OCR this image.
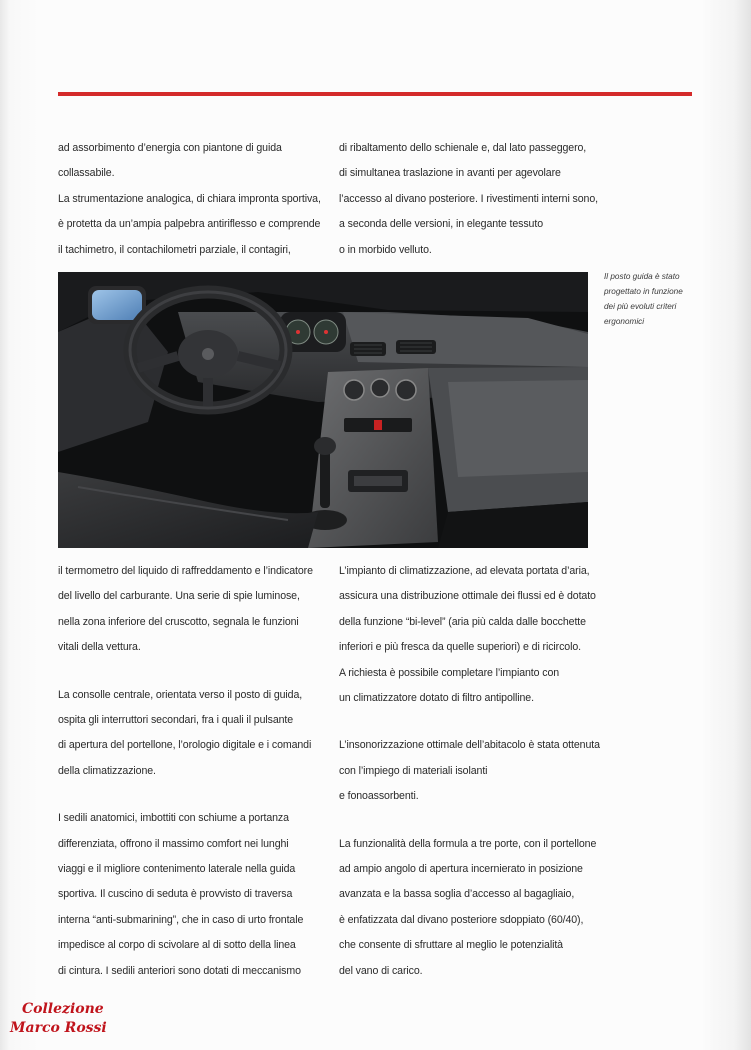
ad assorbimento d’energia con piantone di guida

collassabile.

La strumentazione analogica, di chiara impronta sportiva,

è protetta da un’ampia palpebra antiriflesso e comprende

il tachimetro, il contachilometri parziale, il contagiri,

di ribaltamento dello schienale e, dal lato passeggero,

di simultanea traslazione in avanti per agevolare

l’accesso al divano posteriore. I rivestimenti interni sono,

a seconda delle versioni, in elegante tessuto

o in morbido velluto.

Il posto guida è stato
progettato in funzione
dei più evoluti criteri
ergonomici

il termometro del liquido di raffreddamento e l’indicatore

del livello del carburante. Una serie di spie luminose,

nella zona inferiore del cruscotto, segnala le funzioni

vitali della vettura.

La consolle centrale, orientata verso il posto di guida,

ospita gli interruttori secondari, fra i quali il pulsante

di apertura del portellone, l’orologio digitale e i comandi

della climatizzazione.

I sedili anatomici, imbottiti con schiume a portanza

differenziata, offrono il massimo comfort nei lunghi

viaggi e il migliore contenimento laterale nella guida

sportiva. Il cuscino di seduta è provvisto di traversa

interna “anti-submarining”, che in caso di urto frontale

impedisce al corpo di scivolare al di sotto della linea

di cintura. I sedili anteriori sono dotati di meccanismo

L’impianto di climatizzazione, ad elevata portata d’aria,

assicura una distribuzione ottimale dei flussi ed è dotato

della funzione “bi-level” (aria più calda dalle bocchette

inferiori e più fresca da quelle superiori) e di ricircolo.

A richiesta è possibile completare l’impianto con

un climatizzatore dotato di filtro antipolline.

L’insonorizzazione ottimale dell’abitacolo è stata ottenuta

con l’impiego di materiali isolanti

e fonoassorbenti.

La funzionalità della formula a tre porte, con il portellone

ad ampio angolo di apertura incernierato in posizione

avanzata e la bassa soglia d’accesso al bagagliaio,

è enfatizzata dal divano posteriore sdoppiato (60/40),

che consente di sfruttare al meglio le potenzialità

del vano di carico.

Collezione
Marco Rossi
